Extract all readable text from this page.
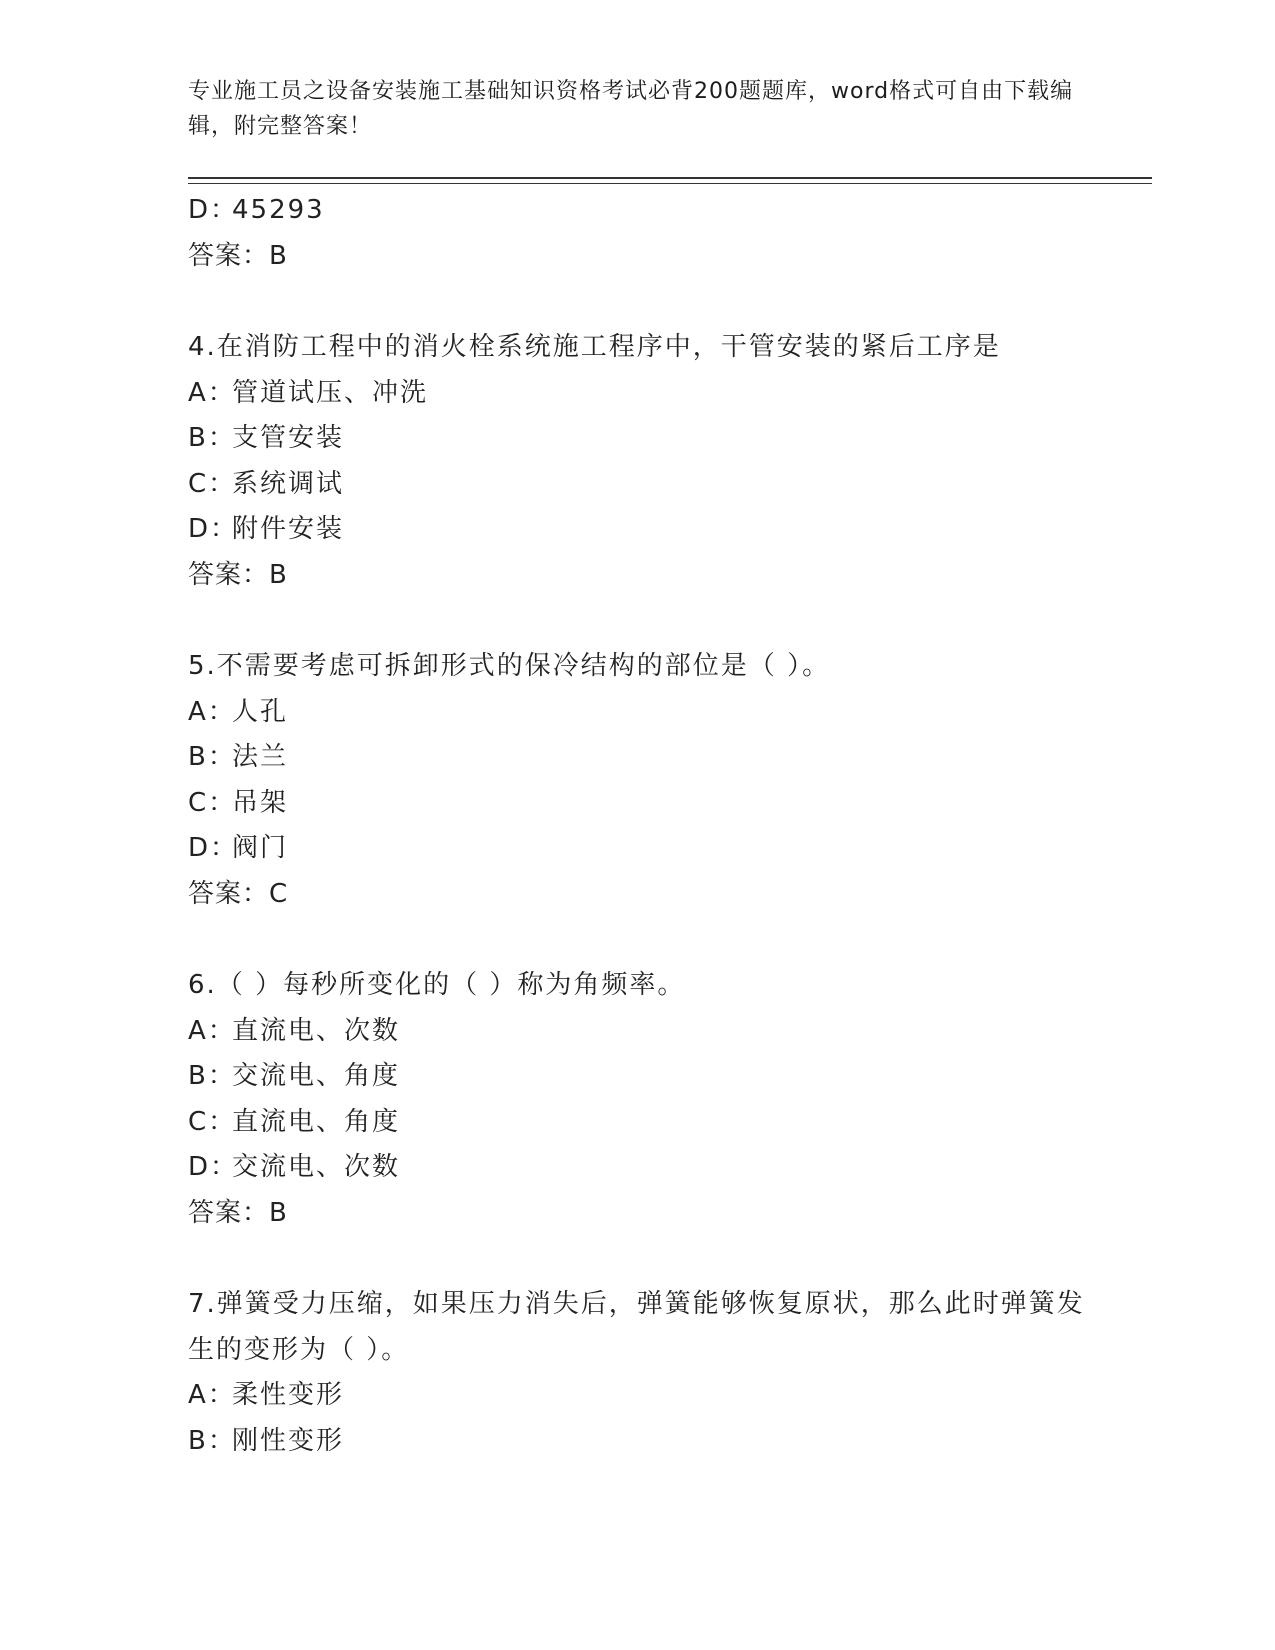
专业施工员之设备安装施工基础知识资格考试必背200题题库，word格式可自由下载编辑，附完整答案！
D：45293
答案：B
4.在消防工程中的消火栓系统施工程序中，干管安装的紧后工序是
A：管道试压、冲洗
B：支管安装
C：系统调试
D：附件安装
答案：B
5.不需要考虑可拆卸形式的保冷结构的部位是（ ）。
A：人孔
B：法兰
C：吊架
D：阀门
答案：C
6.（ ）每秒所变化的（ ）称为角频率。
A：直流电、次数
B：交流电、角度
C：直流电、角度
D：交流电、次数
答案：B
7.弹簧受力压缩，如果压力消失后，弹簧能够恢复原状，那么此时弹簧发生的变形为（ ）。
A：柔性变形
B：刚性变形
